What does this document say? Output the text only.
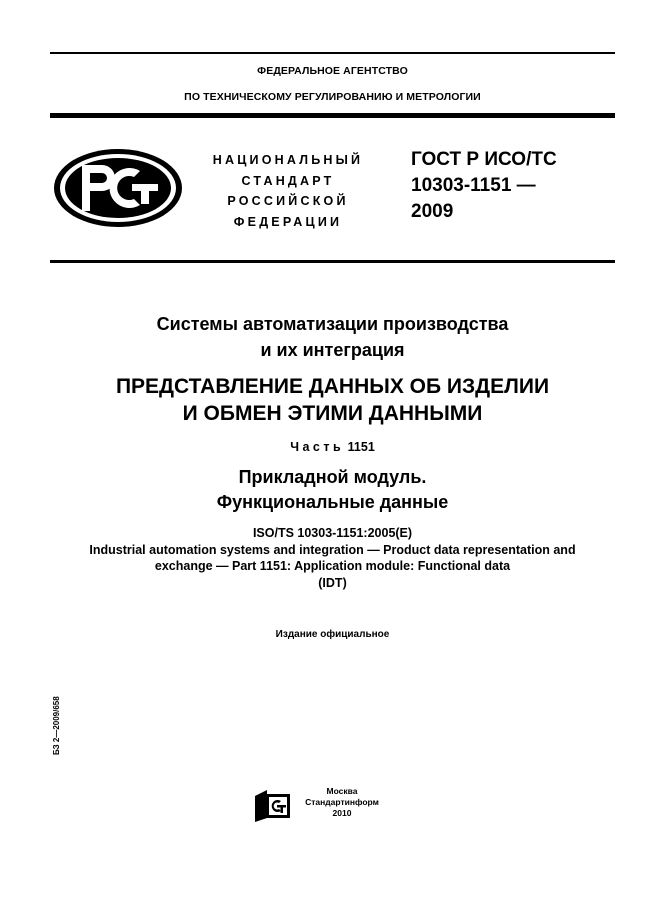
ФЕДЕРАЛЬНОЕ АГЕНТСТВО
ПО ТЕХНИЧЕСКОМУ РЕГУЛИРОВАНИЮ И МЕТРОЛОГИИ
НАЦИОНАЛЬНЫЙ
СТАНДАРТ
РОССИЙСКОЙ
ФЕДЕРАЦИИ
ГОСТ Р ИСО/ТС
10303-1151 —
2009
Системы автоматизации производства
и их интеграция
ПРЕДСТАВЛЕНИЕ ДАННЫХ ОБ ИЗДЕЛИИ
И ОБМЕН ЭТИМИ ДАННЫМИ
Часть 1151
Прикладной модуль.
Функциональные данные
ISO/TS 10303-1151:2005(E)
Industrial automation systems and integration — Product data representation and
exchange — Part 1151: Application module: Functional data
(IDT)
Издание официальное
БЗ 2—2009/658
Москва
Стандартинформ
2010
